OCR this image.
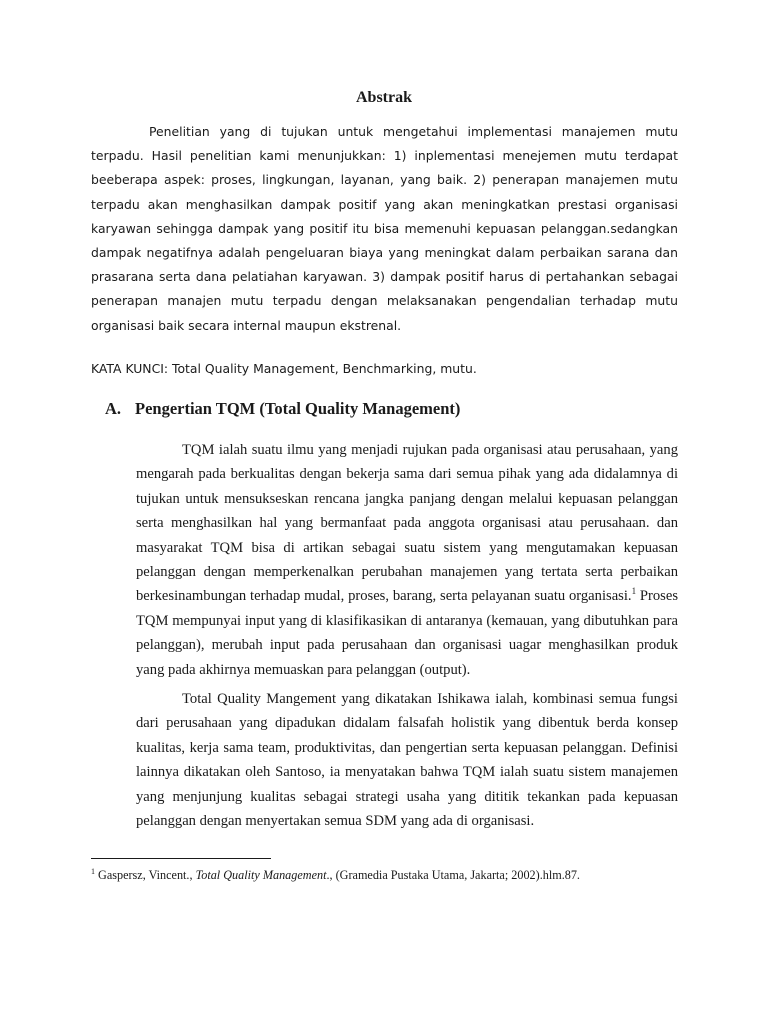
Abstrak

Penelitian yang di tujukan untuk mengetahui implementasi manajemen mutu terpadu. Hasil penelitian kami menunjukkan: 1) inplementasi menejemen mutu terdapat beeberapa aspek: proses, lingkungan, layanan, yang baik. 2) penerapan manajemen mutu terpadu akan menghasilkan dampak positif yang akan meningkatkan prestasi organisasi karyawan sehingga dampak yang positif itu bisa memenuhi kepuasan pelanggan.sedangkan dampak negatifnya adalah pengeluaran biaya yang meningkat dalam perbaikan sarana dan prasarana serta dana pelatiahan karyawan. 3) dampak positif harus di pertahankan sebagai penerapan manajen mutu terpadu dengan melaksanakan pengendalian terhadap mutu organisasi baik secara internal maupun ekstrenal.

KATA KUNCI: Total Quality Management, Benchmarking, mutu.
A. Pengertian TQM (Total Quality Management)

TQM ialah suatu ilmu yang menjadi rujukan pada organisasi atau perusahaan, yang mengarah pada berkualitas dengan bekerja sama dari semua pihak yang ada didalamnya di tujukan untuk mensukseskan rencana jangka panjang dengan melalui kepuasan pelanggan serta menghasilkan hal yang bermanfaat pada anggota organisasi atau perusahaan. dan masyarakat TQM bisa di artikan sebagai suatu sistem yang mengutamakan kepuasan pelanggan dengan memperkenalkan perubahan manajemen yang tertata serta perbaikan berkesinambungan terhadap mudal, proses, barang, serta pelayanan suatu organisasi.$^1$ Proses TQM mempunyai input yang di klasifikasikan di antaranya (kemauan, yang dibutuhkan para pelanggan), merubah input pada perusahaan dan organisasi uagar menghasilkan produk yang pada akhirnya memuaskan para pelanggan (output).

Total Quality Mangement yang dikatakan Ishikawa ialah, kombinasi semua fungsi dari perusahaan yang dipadukan didalam falsafah holistik yang dibentuk berda konsep kualitas, kerja sama team, produktivitas, dan pengertian serta kepuasan pelanggan. Definisi lainnya dikatakan oleh Santoso, ia menyatakan bahwa TQM ialah suatu sistem manajemen yang menjunjung kualitas sebagai strategi usaha yang dititik tekankan pada kepuasan pelanggan dengan menyertakan semua SDM yang ada di organisasi.

$^1$ Gaspersz, Vincent., Total Quality Management., (Gramedia Pustaka Utama, Jakarta; 2002).hlm.87.
